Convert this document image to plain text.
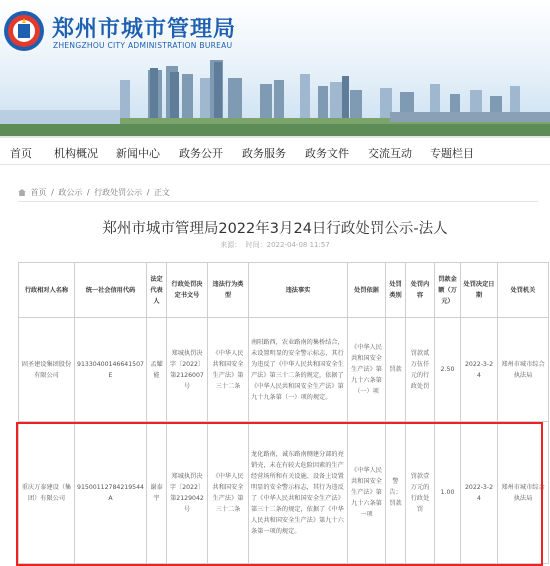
郑州市城市管理局
ZHENGZHOU CITY ADMINISTRATION BUREAU
首页 机构概况 新闻中心 政务公开 政务服务 政务文件 交流互动 专题栏目
首页 / 政公示 / 行政处罚公示 / 正文
郑州市城市管理局2022年3月24日行政处罚公示-法人
来源： 时间：2022-04-08 11:57
行政相对人名称	统一社会信用代码	法定代表人	行政处罚决定书文号	违法行为类型	违法事实	处罚依据	处罚类别	处罚内容	罚款金额（万元）	处罚决定日期	处罚机关
固圣建设集团股份有限公司	91330400146641507E	孟耀能	郑城执罚决字〔2022〕第2126007号	《中华人民共和国安全生产法》第三十二条	南阳路西，农业路南的集桥结合，未设置明显的安全警示标志，其行为违反了《中华人民共和国安全生产法》第三十二条的规定，依据了《中华人民共和国安全生产法》第九十九条第（一）项的规定。	《中华人民共和国安全生产法》第九十六条第（一）项	罚款	罚款贰万伍仟元的行政处罚	2.50	2022-3-24	郑州市城市综合执法局
重庆万泰建设（集团）有限公司	91500112784219544A	谢泰宇	郑城执罚决字〔2022〕第2129042号	《中华人民共和国安全生产法》第三十二条	龙化路南，诚东路南侧建分部的亮销壳，未在有较大危险因素的生产经营场所和有关设施、设备上设置明显的安全警示标志，其行为违反了《中华人民共和国安全生产法》第三十二条的规定，依据了《中华人民共和国安全生产法》第九十六条第一项的规定。	《中华人民共和国安全生产法》第九十六条第一项	警告；罚款	罚款壹万元的行政处罚	1.00	2022-3-24	郑州市城市综合执法局
